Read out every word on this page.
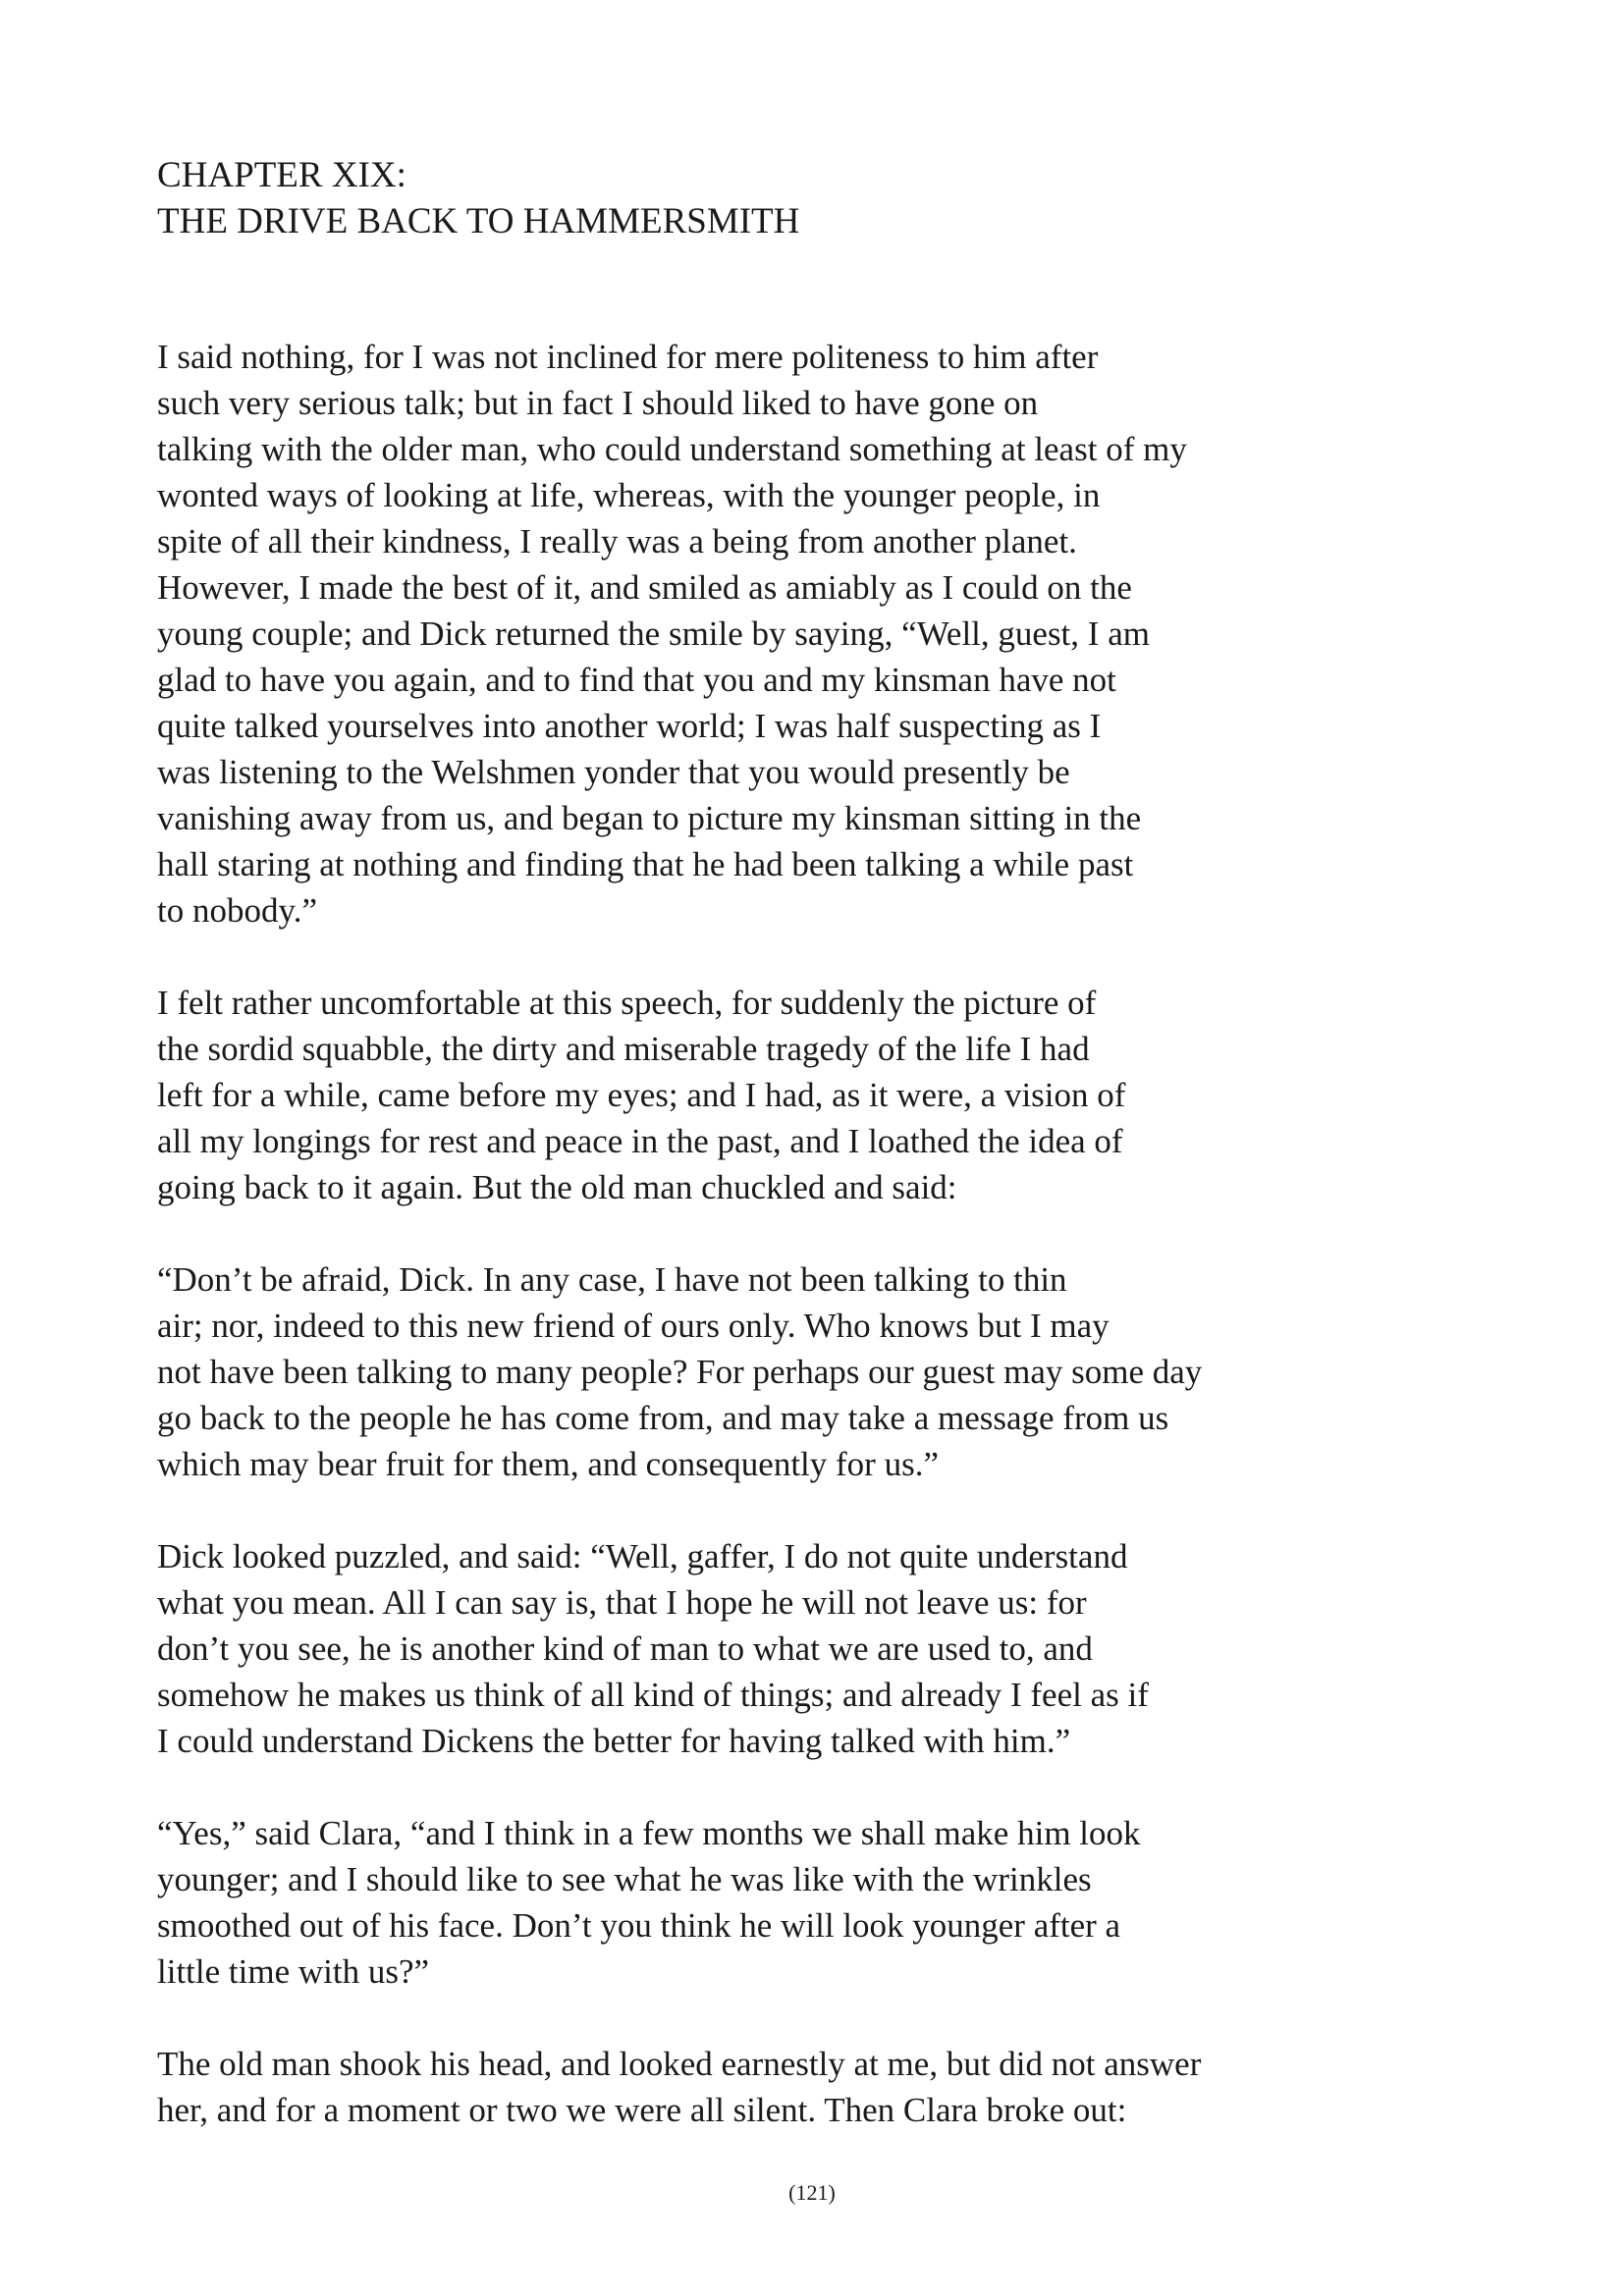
CHAPTER XIX:
THE DRIVE BACK TO HAMMERSMITH

I said nothing, for I was not inclined for mere politeness to him after
such very serious talk; but in fact I should liked to have gone on
talking with the older man, who could understand something at least of my
wonted ways of looking at life, whereas, with the younger people, in
spite of all their kindness, I really was a being from another planet.
However, I made the best of it, and smiled as amiably as I could on the
young couple; and Dick returned the smile by saying, “Well, guest, I am
glad to have you again, and to find that you and my kinsman have not
quite talked yourselves into another world; I was half suspecting as I
was listening to the Welshmen yonder that you would presently be
vanishing away from us, and began to picture my kinsman sitting in the
hall staring at nothing and finding that he had been talking a while past
to nobody.”

I felt rather uncomfortable at this speech, for suddenly the picture of
the sordid squabble, the dirty and miserable tragedy of the life I had
left for a while, came before my eyes; and I had, as it were, a vision of
all my longings for rest and peace in the past, and I loathed the idea of
going back to it again. But the old man chuckled and said:

“Don’t be afraid, Dick. In any case, I have not been talking to thin
air; nor, indeed to this new friend of ours only. Who knows but I may
not have been talking to many people? For perhaps our guest may some day
go back to the people he has come from, and may take a message from us
which may bear fruit for them, and consequently for us.”

Dick looked puzzled, and said: “Well, gaffer, I do not quite understand
what you mean. All I can say is, that I hope he will not leave us: for
don’t you see, he is another kind of man to what we are used to, and
somehow he makes us think of all kind of things; and already I feel as if
I could understand Dickens the better for having talked with him.”

“Yes,” said Clara, “and I think in a few months we shall make him look
younger; and I should like to see what he was like with the wrinkles
smoothed out of his face. Don’t you think he will look younger after a
little time with us?”

The old man shook his head, and looked earnestly at me, but did not answer
her, and for a moment or two we were all silent. Then Clara broke out:

(121)
